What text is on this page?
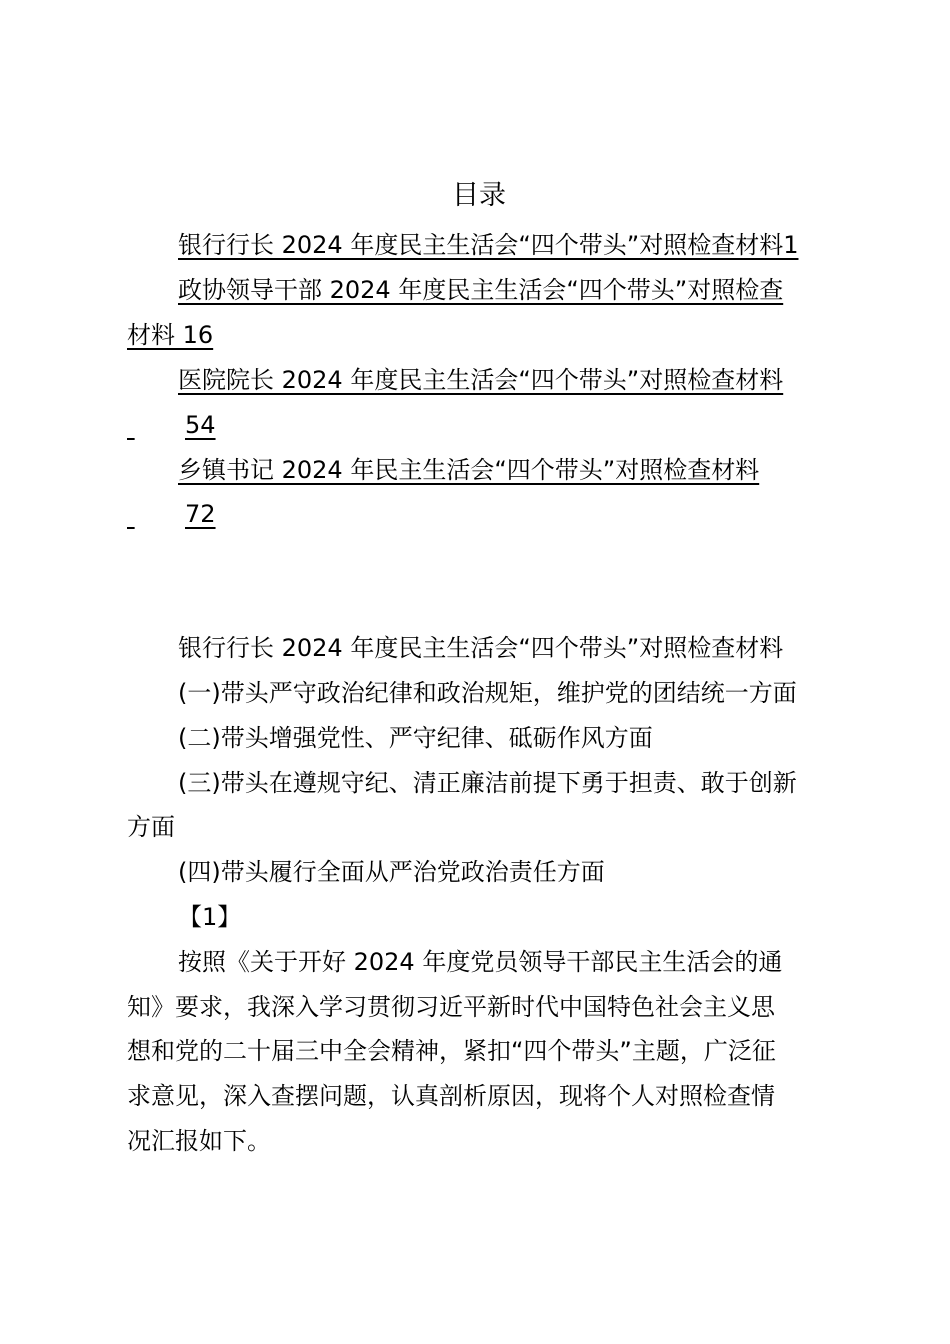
目录
银行行长 2024 年度民主生活会“四个带头”对照检查材料1
政协领导干部 2024 年度民主生活会“四个带头”对照检查
材料 16
医院院长 2024 年度民主生活会“四个带头”对照检查材料
54
乡镇书记 2024 年民主生活会“四个带头”对照检查材料
72
银行行长 2024 年度民主生活会“四个带头”对照检查材料
(一)带头严守政治纪律和政治规矩，维护党的团结统一方面
(二)带头增强党性、严守纪律、砥砺作风方面
(三)带头在遵规守纪、清正廉洁前提下勇于担责、敢于创新
方面
(四)带头履行全面从严治党政治责任方面
【1】
按照《关于开好 2024 年度党员领导干部民主生活会的通
知》要求，我深入学习贯彻习近平新时代中国特色社会主义思
想和党的二十届三中全会精神，紧扣“四个带头”主题，广泛征
求意见，深入查摆问题，认真剖析原因，现将个人对照检查情
况汇报如下。
